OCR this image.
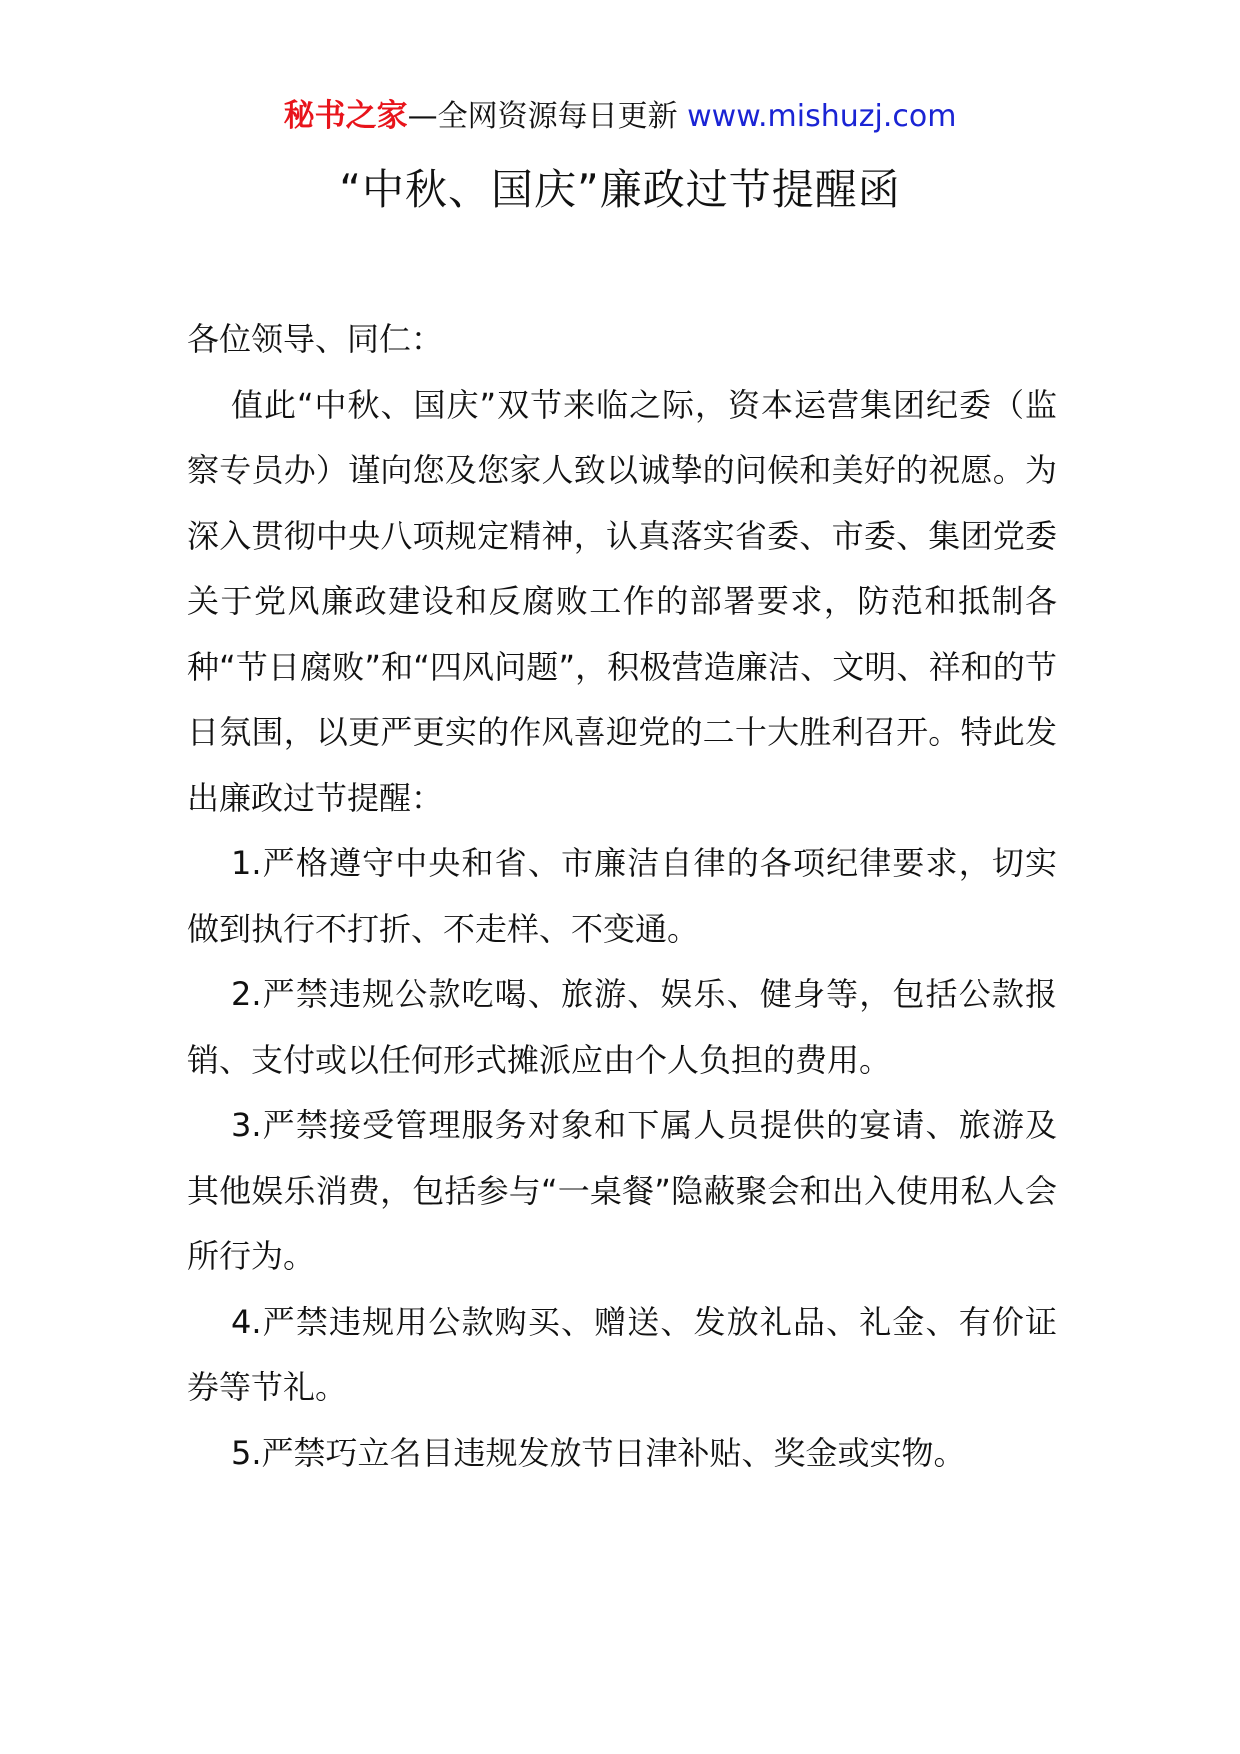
秘书之家—全网资源每日更新 www.mishuzj.com
“中秋、国庆”廉政过节提醒函

各位领导、同仁：

值此“中秋、国庆”双节来临之际，资本运营集团纪委（监察专员办）谨向您及您家人致以诚挚的问候和美好的祝愿。为深入贯彻中央八项规定精神，认真落实省委、市委、集团党委关于党风廉政建设和反腐败工作的部署要求，防范和抵制各种“节日腐败”和“四风问题”，积极营造廉洁、文明、祥和的节日氛围，以更严更实的作风喜迎党的二十大胜利召开。特此发出廉政过节提醒：

1.严格遵守中央和省、市廉洁自律的各项纪律要求，切实做到执行不打折、不走样、不变通。

2.严禁违规公款吃喝、旅游、娱乐、健身等，包括公款报销、支付或以任何形式摊派应由个人负担的费用。

3.严禁接受管理服务对象和下属人员提供的宴请、旅游及其他娱乐消费，包括参与“一桌餐”隐蔽聚会和出入使用私人会所行为。

4.严禁违规用公款购买、赠送、发放礼品、礼金、有价证券等节礼。

5.严禁巧立名目违规发放节日津补贴、奖金或实物。
